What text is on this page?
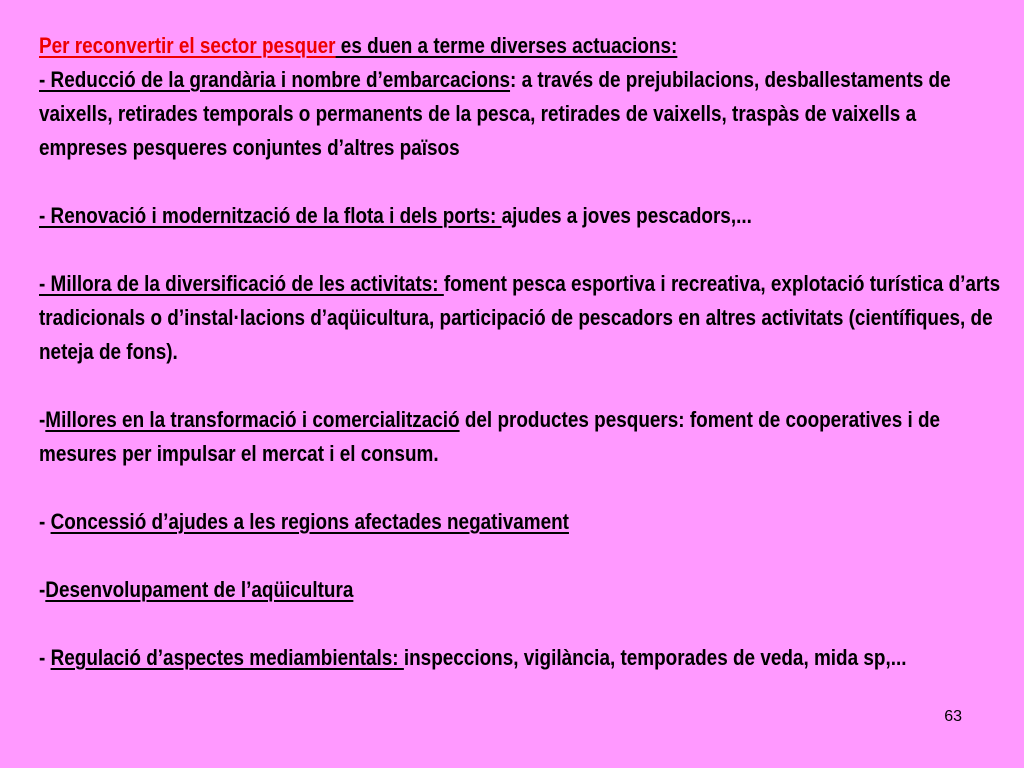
Per reconvertir el sector pesquer es duen a terme diverses actuacions:

- Reducció de la grandària i nombre d’embarcacions: a través de prejubilacions, desballestaments de vaixells, retirades temporals o permanents de la pesca, retirades de vaixells, traspàs de vaixells a empreses pesqueres conjuntes d’altres països

- Renovació i modernització de la flota i dels ports: ajudes a joves pescadors,...

- Millora de la diversificació de les activitats: foment pesca esportiva i recreativa, explotació turística d’arts tradicionals o d’instal·lacions d’aqüicultura, participació de pescadors en altres activitats (científiques, de neteja de fons).

-Millores en la transformació i comercialització del productes pesquers: foment de cooperatives i de mesures per impulsar el mercat i el consum.

- Concessió d’ajudes a les regions afectades negativament

-Desenvolupament de l’aqüicultura

- Regulació d’aspectes mediambientals: inspeccions, vigilància, temporades de veda, mida sp,...

63
